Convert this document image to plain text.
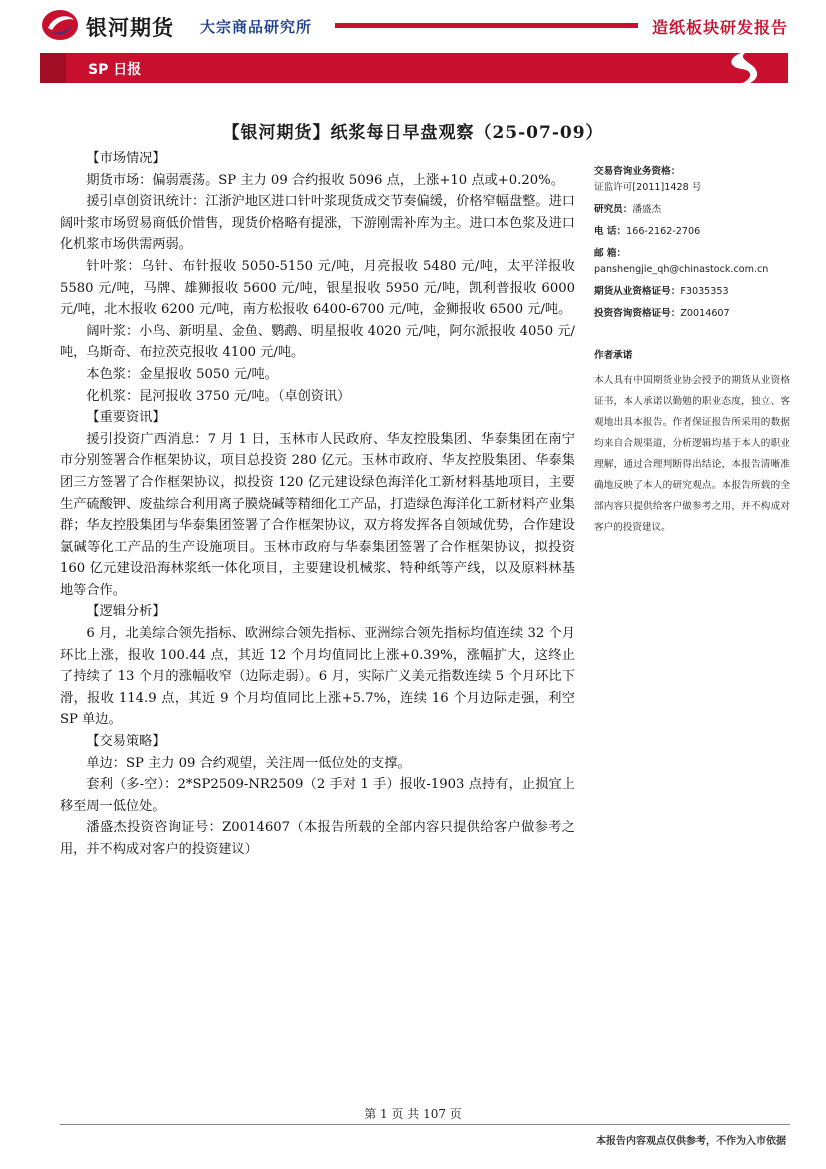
银河期货 大宗商品研究所	造纸板块研发报告
SP 日报
【银河期货】纸浆每日早盘观察（25-07-09）

【市场情况】

期货市场：偏弱震荡。SP 主力 09 合约报收 5096 点，上涨+10 点或+0.20%。

援引卓创资讯统计：江浙沪地区进口针叶浆现货成交节奏偏缓，价格窄幅盘整。进口阔叶浆市场贸易商低价惜售，现货价格略有提涨，下游刚需补库为主。进口本色浆及进口化机浆市场供需两弱。

针叶浆：乌针、布针报收 5050-5150 元/吨，月亮报收 5480 元/吨，太平洋报收 5580 元/吨，马牌、雄狮报收 5600 元/吨，银星报收 5950 元/吨，凯利普报收 6000 元/吨，北木报收 6200 元/吨，南方松报收 6400-6700 元/吨，金狮报收 6500 元/吨。

阔叶浆：小鸟、新明星、金鱼、鹦鹉、明星报收 4020 元/吨，阿尔派报收 4050 元/吨，乌斯奇、布拉茨克报收 4100 元/吨。

本色浆：金星报收 5050 元/吨。

化机浆：昆河报收 3750 元/吨。（卓创资讯）

【重要资讯】

援引投资广西消息：7 月 1 日，玉林市人民政府、华友控股集团、华泰集团在南宁市分别签署合作框架协议，项目总投资 280 亿元。玉林市政府、华友控股集团、华泰集团三方签署了合作框架协议，拟投资 120 亿元建设绿色海洋化工新材料基地项目，主要生产硫酸钾、废盐综合利用离子膜烧碱等精细化工产品，打造绿色海洋化工新材料产业集群；华友控股集团与华泰集团签署了合作框架协议，双方将发挥各自领域优势，合作建设氯碱等化工产品的生产设施项目。玉林市政府与华泰集团签署了合作框架协议，拟投资 160 亿元建设沿海林浆纸一体化项目，主要建设机械浆、特种纸等产线，以及原料林基地等合作。

【逻辑分析】

6 月，北美综合领先指标、欧洲综合领先指标、亚洲综合领先指标均值连续 32 个月环比上涨，报收 100.44 点，其近 12 个月均值同比上涨+0.39%，涨幅扩大，这终止了持续了 13 个月的涨幅收窄（边际走弱）。6 月，实际广义美元指数连续 5 个月环比下滑，报收 114.9 点，其近 9 个月均值同比上涨+5.7%，连续 16 个月边际走强，利空 SP 单边。

【交易策略】

单边：SP 主力 09 合约观望，关注周一低位处的支撑。

套利（多-空）：2*SP2509-NR2509（2 手对 1 手）报收-1903 点持有，止损宜上移至周一低位处。

潘盛杰投资咨询证号：Z0014607（本报告所载的全部内容只提供给客户做参考之用，并不构成对客户的投资建议）

交易咨询业务资格：
证监许可[2011]1428 号
研究员：潘盛杰
电 话：166-2162-2706
邮 箱：
panshengjie_qh@chinastock.com.cn
期货从业资格证号：F3035353
投资咨询资格证号：Z0014607
作者承诺
本人具有中国期货业协会授予的期货从业资格证书，本人承诺以勤勉的职业态度，独立、客观地出具本报告。作者保证报告所采用的数据均来自合规渠道，分析逻辑均基于本人的职业理解，通过合理判断得出结论，本报告清晰准确地反映了本人的研究观点。本报告所载的全部内容只提供给客户做参考之用，并不构成对客户的投资建议。
第 1 页 共 107 页
本报告内容观点仅供参考，不作为入市依据
